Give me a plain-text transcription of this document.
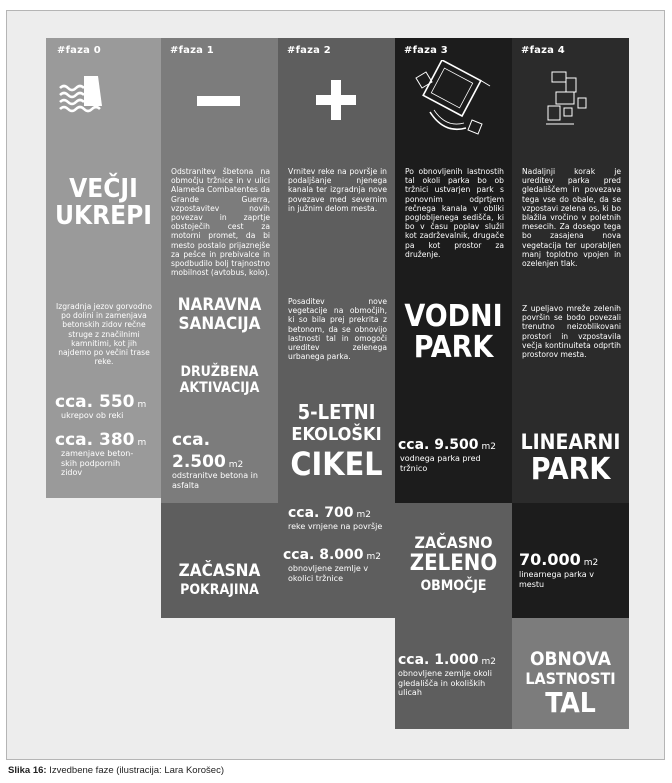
#faza 0
VEČJI
UKREPI
Izgradnja jezov gorvodno po dolini in zamenjava betonskih zidov rečne struge z značilnimi kamnitimi, kot jih najdemo po večini trase reke.
cca. 550 m
ukrepov ob reki
cca. 380 m
zamenjave beton- skih podpornih zidov
#faza 1
Odstranitev šbetona na območju tržnice in v ulici Alameda Combatentes da Grande Guerra, vzpostavitev novih povezav in zaprtje obstoječih cest za motorni promet, da bi mesto postalo prijaznejše za pešce in prebivalce in spodbudilo bolj trajnostno mobilnost (avtobus, kolo).
NARAVNA
SANACIJA
DRUŽBENA
AKTIVACIJA
cca.
2.500 m2
odstranitve betona in asfalta
ZAČASNA
POKRAJINA
#faza 2
Vrnitev reke na površje in podaljšanje njenega kanala ter izgradnja nove povezave med severnim in južnim delom mesta.
Posaditev nove vegetacije na območjih, ki so bila prej prekrita z betonom, da se obnovijo lastnosti tal in omogoči ureditev zelenega urbanega parka.
5-LETNI
EKOLOŠKI
CIKEL
cca. 700 m2
reke vrnjene na površje
cca. 8.000 m2
obnovljene zemlje v okolici tržnice
#faza 3
Po obnovljenih lastnostih tal okoli parka bo ob tržnici ustvarjen park s ponovnim odprtjem rečnega kanala v obliki poglobljenega sedišča, ki bo v času poplav služil kot zadrževalnik, drugače pa kot prostor za druženje.
VODNI
PARK
cca. 9.500 m2
vodnega parka pred tržnico
ZAČASNO
ZELENO
OBMOČJE
cca. 1.000 m2
obnovljene zemlje okoli gledališča in okoliških ulicah
#faza 4
Nadaljnji korak je ureditev parka pred gledališčem in povezava tega vse do obale, da se vzpostavi zelena os, ki bo blažila vročino v poletnih mesecih. Za dosego tega bo zasajena nova vegetacija ter uporabljen manj toplotno vpojen in ozelenjen tlak.
Z upeljavo mreže zelenih površin se bodo povezali trenutno neizoblikovani prostori in vzpostavila večja kontinuiteta odprtih prostorov mesta.
LINEARNI
PARK
70.000 m2
linearnega parka v mestu
OBNOVA
LASTNOSTI
TAL
Slika 16: Izvedbene faze (ilustracija: Lara Korošec)
